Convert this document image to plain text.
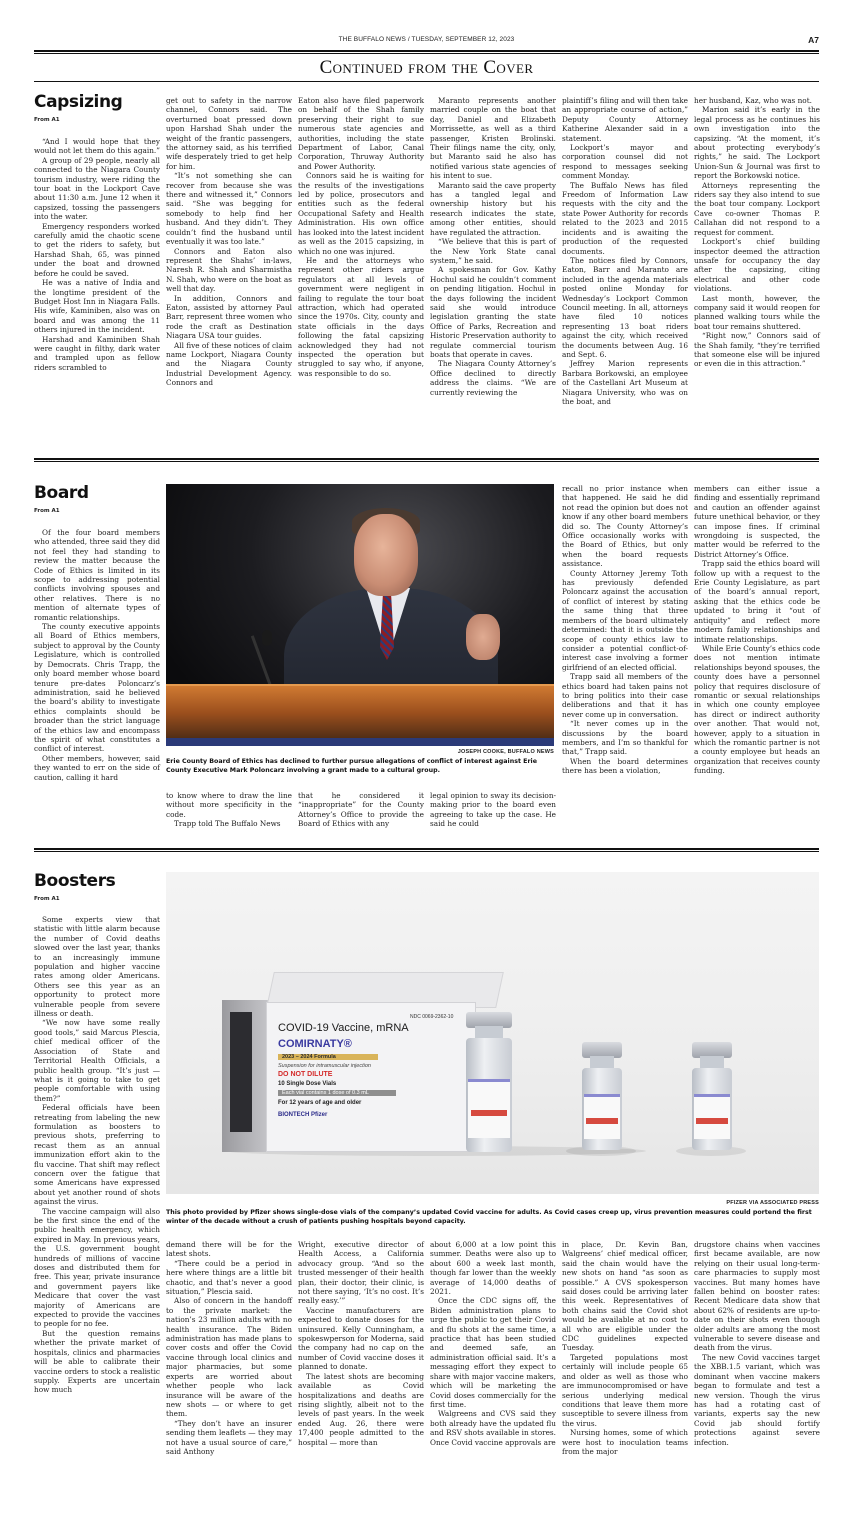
THE BUFFALO NEWS / TUESDAY, SEPTEMBER 12, 2023	A7
Continued from the Cover
Capsizing
From A1

“And I would hope that they would not let them do this again.”

A group of 29 people, nearly all connected to the Niagara County tourism industry, were riding the tour boat in the Lockport Cave about 11:30 a.m. June 12 when it capsized, tossing the passengers into the water.

Emergency responders worked carefully amid the chaotic scene to get the riders to safety, but Harshad Shah, 65, was pinned under the boat and drowned before he could be saved.

He was a native of India and the longtime president of the Budget Host Inn in Niagara Falls. His wife, Kaminiben, also was on board and was among the 11 others injured in the incident.

Harshad and Kaminiben Shah were caught in filthy, dark water and trampled upon as fellow riders scrambled to

get out to safety in the narrow channel, Connors said. The overturned boat pressed down upon Harshad Shah under the weight of the frantic passengers, the attorney said, as his terrified wife desperately tried to get help for him.

“It’s not something she can recover from because she was there and witnessed it,” Connors said. “She was begging for somebody to help find her husband. And they didn’t. They couldn’t find the husband until eventually it was too late.”

Connors and Eaton also represent the Shahs’ in-laws, Naresh R. Shah and Sharmistha N. Shah, who were on the boat as well that day.

In addition, Connors and Eaton, assisted by attorney Paul Barr, represent three women who rode the craft as Destination Niagara USA tour guides.

All five of these notices of claim name Lockport, Niagara County and the Niagara County Industrial Development Agency. Connors and

Eaton also have filed paperwork on behalf of the Shah family preserving their right to sue numerous state agencies and authorities, including the state Department of Labor, Canal Corporation, Thruway Authority and Power Authority.

Connors said he is waiting for the results of the investigations led by police, prosecutors and entities such as the federal Occupational Safety and Health Administration. His own office has looked into the latest incident as well as the 2015 capsizing, in which no one was injured.

He and the attorneys who represent other riders argue regulators at all levels of government were negligent in failing to regulate the tour boat attraction, which had operated since the 1970s. City, county and state officials in the days following the fatal capsizing acknowledged they had not inspected the operation but struggled to say who, if anyone, was responsible to do so.

Maranto represents another married couple on the boat that day, Daniel and Elizabeth Morrissette, as well as a third passenger, Kristen Brolinski. Their filings name the city, only, but Maranto said he also has notified various state agencies of his intent to sue.

Maranto said the cave property has a tangled legal and ownership history but his research indicates the state, among other entities, should have regulated the attraction.

“We believe that this is part of the New York State canal system,” he said.

A spokesman for Gov. Kathy Hochul said he couldn’t comment on pending litigation. Hochul in the days following the incident said she would introduce legislation granting the state Office of Parks, Recreation and Historic Preservation authority to regulate commercial tourism boats that operate in caves.

The Niagara County Attorney’s Office declined to directly address the claims. “We are currently reviewing the

plaintiff’s filing and will then take an appropriate course of action,” Deputy County Attorney Katherine Alexander said in a statement.

Lockport’s mayor and corporation counsel did not respond to messages seeking comment Monday.

The Buffalo News has filed Freedom of Information Law requests with the city and the state Power Authority for records related to the 2023 and 2015 incidents and is awaiting the production of the requested documents.

The notices filed by Connors, Eaton, Barr and Maranto are included in the agenda materials posted online Monday for Wednesday’s Lockport Common Council meeting. In all, attorneys have filed 10 notices representing 13 boat riders against the city, which received the documents between Aug. 16 and Sept. 6.

Jeffrey Marion represents Barbara Borkowski, an employee of the Castellani Art Museum at Niagara University, who was on the boat, and

her husband, Kaz, who was not.

Marion said it’s early in the legal process as he continues his own investigation into the capsizing. “At the moment, it’s about protecting everybody’s rights,” he said. The Lockport Union-Sun & Journal was first to report the Borkowski notice.

Attorneys representing the riders say they also intend to sue the boat tour company. Lockport Cave co-owner Thomas P. Callahan did not respond to a request for comment.

Lockport’s chief building inspector deemed the attraction unsafe for occupancy the day after the capsizing, citing electrical and other code violations.

Last month, however, the company said it would reopen for planned walking tours while the boat tour remains shuttered.

“Right now,” Connors said of the Shah family, “they’re terrified that someone else will be injured or even die in this attraction.”

Board
From A1

Of the four board members who attended, three said they did not feel they had standing to review the matter because the Code of Ethics is limited in its scope to addressing potential conflicts involving spouses and other relatives. There is no mention of alternate types of romantic relationships.

The county executive appoints all Board of Ethics members, subject to approval by the County Legislature, which is controlled by Democrats. Chris Trapp, the only board member whose board tenure pre-dates Poloncarz’s administration, said he believed the board’s ability to investigate ethics complaints should be broader than the strict language of the ethics law and encompass the spirit of what constitutes a conflict of interest.

Other members, however, said they wanted to err on the side of caution, calling it hard

JOSEPH COOKE, BUFFALO NEWS
Erie County Board of Ethics has declined to further pursue allegations of conflict of interest against Erie County Executive Mark Poloncarz involving a grant made to a cultural group.

to know where to draw the line without more specificity in the code.

Trapp told The Buffalo News

that he considered it “inappropriate” for the County Attorney’s Office to provide the Board of Ethics with any

legal opinion to sway its decision-making prior to the board even agreeing to take up the case. He said he could

recall no prior instance when that happened. He said he did not read the opinion but does not know if any other board members did so. The County Attorney’s Office occasionally works with the Board of Ethics, but only when the board requests assistance.

County Attorney Jeremy Toth has previously defended Poloncarz against the accusation of conflict of interest by stating the same thing that three members of the board ultimately determined: that it is outside the scope of county ethics law to consider a potential conflict-of-interest case involving a former girlfriend of an elected official.

Trapp said all members of the ethics board had taken pains not to bring politics into their case deliberations and that it has never come up in conversation.

“It never comes up in the discussions by the board members, and I’m so thankful for that,” Trapp said.

When the board determines there has been a violation,

members can either issue a finding and essentially reprimand and caution an offender against future unethical behavior, or they can impose fines. If criminal wrongdoing is suspected, the matter would be referred to the District Attorney’s Office.

Trapp said the ethics board will follow up with a request to the Erie County Legislature, as part of the board’s annual report, asking that the ethics code be updated to bring it “out of antiquity” and reflect more modern family relationships and intimate relationships.

While Erie County’s ethics code does not mention intimate relationships beyond spouses, the county does have a personnel policy that requires disclosure of romantic or sexual relationships in which one county employee has direct or indirect authority over another. That would not, however, apply to a situation in which the romantic partner is not a county employee but heads an organization that receives county funding.

Boosters
From A1

Some experts view that statistic with little alarm because the number of Covid deaths slowed over the last year, thanks to an increasingly immune population and higher vaccine rates among older Americans. Others see this year as an opportunity to protect more vulnerable people from severe illness or death.

“We now have some really good tools,” said Marcus Plescia, chief medical officer of the Association of State and Territorial Health Officials, a public health group. “It’s just — what is it going to take to get people comfortable with using them?”

Federal officials have been retreating from labeling the new formulation as boosters to previous shots, preferring to recast them as an annual immunization effort akin to the flu vaccine. That shift may reflect concern over the fatigue that some Americans have expressed about yet another round of shots against the virus.

The vaccine campaign will also be the first since the end of the public health emergency, which expired in May. In previous years, the U.S. government bought hundreds of millions of vaccine doses and distributed them for free. This year, private insurance and government payers like Medicare that cover the vast majority of Americans are expected to provide the vaccines to people for no fee.

But the question remains whether the private market of hospitals, clinics and pharmacies will be able to calibrate their vaccine orders to stock a realistic supply. Experts are uncertain how much

NDC 0069-2362-10
COVID-19 Vaccine, mRNA
COMIRNATY®
2023 – 2024 Formula
Suspension for intramuscular injection
DO NOT DILUTE
10 Single Dose Vials
Each vial contains 1 dose of 0.3 mL
For 12 years of age and older
BIONTECH Pfizer
PFIZER VIA ASSOCIATED PRESS
This photo provided by Pfizer shows single-dose vials of the company’s updated Covid vaccine for adults. As Covid cases creep up, virus prevention measures could portend the first winter of the decade without a crush of patients pushing hospitals beyond capacity.

demand there will be for the latest shots.

“There could be a period in here where things are a little bit chaotic, and that’s never a good situation,” Plescia said.

Also of concern in the handoff to the private market: the nation’s 23 million adults with no health insurance. The Biden administration has made plans to cover costs and offer the Covid vaccine through local clinics and major pharmacies, but some experts are worried about whether people who lack insurance will be aware of the new shots — or where to get them.

“They don’t have an insurer sending them leaflets — they may not have a usual source of care,” said Anthony

Wright, executive director of Health Access, a California advocacy group. “And so the trusted messenger of their health plan, their doctor, their clinic, is not there saying, ‘It’s no cost. It’s really easy.’”

Vaccine manufacturers are expected to donate doses for the uninsured. Kelly Cunningham, a spokeswperson for Moderna, said the company had no cap on the number of Covid vaccine doses it planned to donate.

The latest shots are becoming available as Covid hospitalizations and deaths are rising slightly, albeit not to the levels of past years. In the week ended Aug. 26, there were 17,400 people admitted to the hospital — more than

about 6,000 at a low point this summer. Deaths were also up to about 600 a week last month, though far lower than the weekly average of 14,000 deaths of 2021.

Once the CDC signs off, the Biden administration plans to urge the public to get their Covid and flu shots at the same time, a practice that has been studied and deemed safe, an administration official said. It’s a messaging effort they expect to share with major vaccine makers, which will be marketing the Covid doses commercially for the first time.

Walgreens and CVS said they both already have the updated flu and RSV shots available in stores. Once Covid vaccine approvals are

in place, Dr. Kevin Ban, Walgreens’ chief medical officer, said the chain would have the new shots on hand “as soon as possible.” A CVS spokesperson said doses could be arriving later this week. Representatives of both chains said the Covid shot would be available at no cost to all who are eligible under the CDC guidelines expected Tuesday.

Targeted populations most certainly will include people 65 and older as well as those who are immunocompromised or have serious underlying medical conditions that leave them more susceptible to severe illness from the virus.

Nursing homes, some of which were host to inoculation teams from the major

drugstore chains when vaccines first became available, are now relying on their usual long-term-care pharmacies to supply most vaccines. But many homes have fallen behind on booster rates: Recent Medicare data show that about 62% of residents are up-to-date on their shots even though older adults are among the most vulnerable to severe disease and death from the virus.

The new Covid vaccines target the XBB.1.5 variant, which was dominant when vaccine makers began to formulate and test a new version. Though the virus has had a rotating cast of variants, experts say the new Covid jab should fortify protections against severe infection.
